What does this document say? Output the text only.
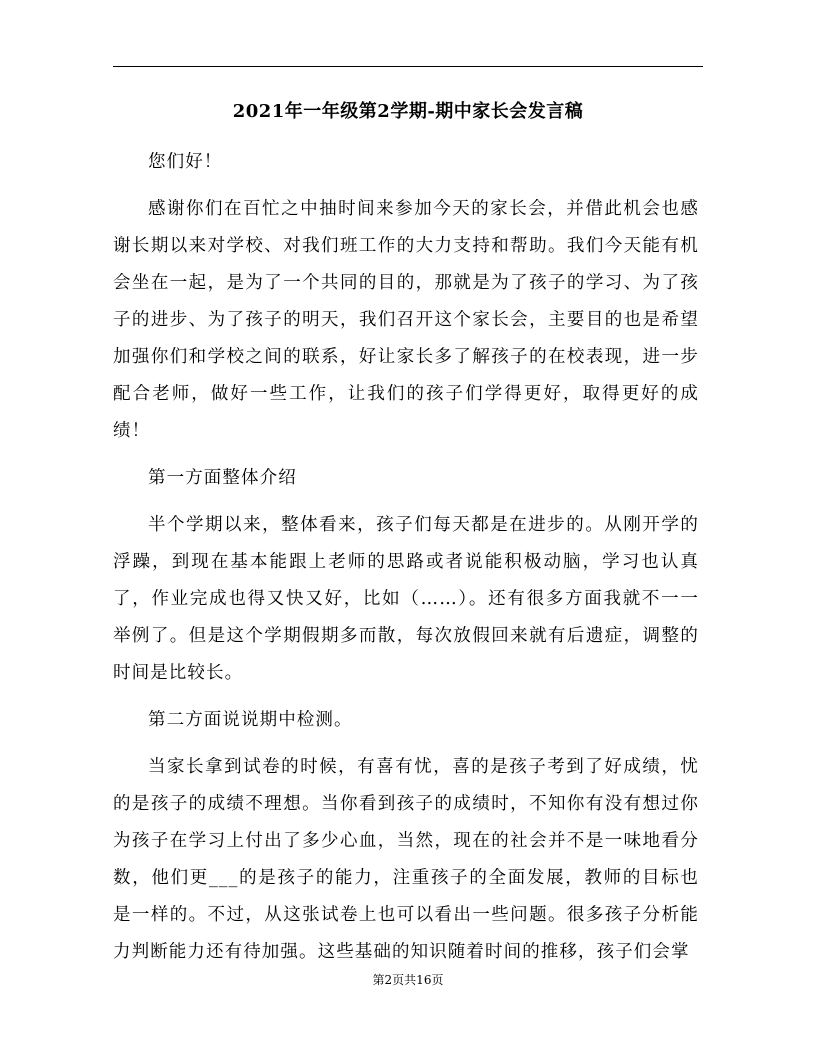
2021年一年级第2学期-期中家长会发言稿

您们好！

感谢你们在百忙之中抽时间来参加今天的家长会，并借此机会也感谢长期以来对学校、对我们班工作的大力支持和帮助。我们今天能有机会坐在一起，是为了一个共同的目的，那就是为了孩子的学习、为了孩子的进步、为了孩子的明天，我们召开这个家长会，主要目的也是希望加强你们和学校之间的联系，好让家长多了解孩子的在校表现，进一步配合老师，做好一些工作，让我们的孩子们学得更好，取得更好的成绩！

第一方面整体介绍

半个学期以来，整体看来，孩子们每天都是在进步的。从刚开学的浮躁，到现在基本能跟上老师的思路或者说能积极动脑，学习也认真了，作业完成也得又快又好，比如（……）。还有很多方面我就不一一举例了。但是这个学期假期多而散，每次放假回来就有后遗症，调整的时间是比较长。

第二方面说说期中检测。

当家长拿到试卷的时候，有喜有忧，喜的是孩子考到了好成绩，忧的是孩子的成绩不理想。当你看到孩子的成绩时，不知你有没有想过你为孩子在学习上付出了多少心血，当然，现在的社会并不是一味地看分数，他们更___的是孩子的能力，注重孩子的全面发展，教师的目标也是一样的。不过，从这张试卷上也可以看出一些问题。很多孩子分析能力判断能力还有待加强。这些基础的知识随着时间的推移，孩子们会掌

第2页共16页
